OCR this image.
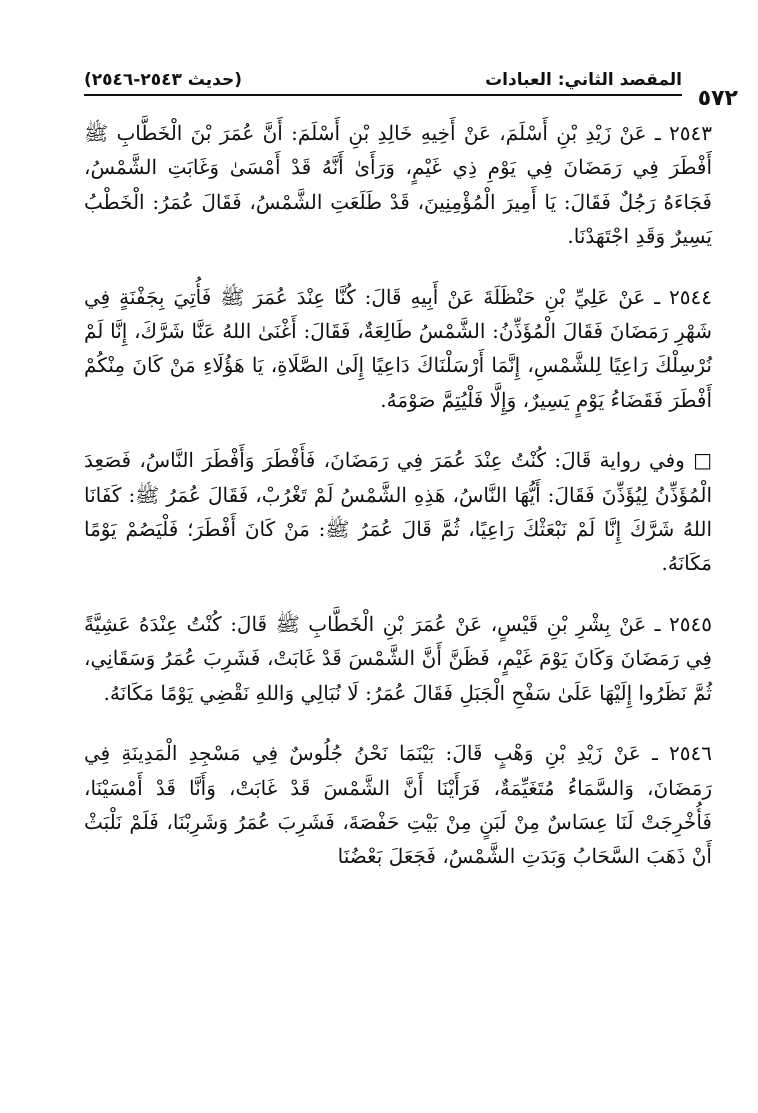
المقصد الثاني: العبادات
(حديث ٢٥٤٣-٢٥٤٦)
٥٧٢

٢٥٤٣ ـ عَنْ زَيْدِ بْنِ أَسْلَمَ، عَنْ أَخِيهِ خَالِدِ بْنِ أَسْلَمَ: أَنَّ عُمَرَ بْنَ الْخَطَّابِ ﷺ أَفْطَرَ فِي رَمَضَانَ فِي يَوْمِ ذِي غَيْمٍ، وَرَأَىٰ أَنَّهُ قَدْ أَمْسَىٰ وَغَابَتِ الشَّمْسُ، فَجَاءَهُ رَجُلٌ فَقَالَ: يَا أَمِيرَ الْمُؤْمِنِينَ، قَدْ طَلَعَتِ الشَّمْسُ، فَقَالَ عُمَرُ: الْخَطْبُ يَسِيرٌ وَقَدِ اجْتَهَدْنَا.

٢٥٤٤ ـ عَنْ عَلِيِّ بْنِ حَنْظَلَةَ عَنْ أَبِيهِ قَالَ: كُنَّا عِنْدَ عُمَرَ ﷺ فَأُتِيَ بِجَفْنَةٍ فِي شَهْرِ رَمَضَانَ فَقَالَ الْمُؤَذِّنُ: الشَّمْسُ طَالِعَةٌ، فَقَالَ: أَغْنَىٰ اللهُ عَنَّا شَرَّكَ، إِنَّا لَمْ نُرْسِلْكَ رَاعِيًا لِلشَّمْسِ، إِنَّمَا أَرْسَلْنَاكَ دَاعِيًا إِلَىٰ الصَّلَاةِ، يَا هَؤُلَاءِ مَنْ كَانَ مِنْكُمْ أَفْطَرَ فَقَضَاءُ يَوْمٍ يَسِيرٌ، وَإِلَّا فَلْيُتِمَّ صَوْمَهُ.

□ وفي رواية قَالَ: كُنْتُ عِنْدَ عُمَرَ فِي رَمَضَانَ، فَأَفْطَرَ وَأَفْطَرَ النَّاسُ، فَصَعِدَ الْمُؤَذِّنُ لِيُؤَذِّنَ فَقَالَ: أَيُّهَا النَّاسُ، هَذِهِ الشَّمْسُ لَمْ تَغْرُبْ، فَقَالَ عُمَرُ ﷺ: كَفَانَا اللهُ شَرَّكَ إِنَّا لَمْ نَبْعَثْكَ رَاعِيًا، ثُمَّ قَالَ عُمَرُ ﷺ: مَنْ كَانَ أَفْطَرَ؛ فَلْيَصُمْ يَوْمًا مَكَانَهُ.

٢٥٤٥ ـ عَنْ بِشْرِ بْنِ قَيْسٍ، عَنْ عُمَرَ بْنِ الْخَطَّابِ ﷺ قَالَ: كُنْتُ عِنْدَهُ عَشِيَّةً فِي رَمَضَانَ وَكَانَ يَوْمَ غَيْمٍ، فَظَنَّ أَنَّ الشَّمْسَ قَدْ غَابَتْ، فَشَرِبَ عُمَرُ وَسَقَانِي، ثُمَّ نَظَرُوا إِلَيْهَا عَلَىٰ سَفْحِ الْجَبَلِ فَقَالَ عُمَرُ: لَا نُبَالِي وَاللهِ نَقْضِي يَوْمًا مَكَانَهُ.

٢٥٤٦ ـ عَنْ زَيْدِ بْنِ وَهْبٍ قَالَ: بَيْنَمَا نَحْنُ جُلُوسٌ فِي مَسْجِدِ الْمَدِينَةِ فِي رَمَضَانَ، وَالسَّمَاءُ مُتَغَيِّمَةٌ، فَرَأَيْنَا أَنَّ الشَّمْسَ قَدْ غَابَتْ، وَأَنَّا قَدْ أَمْسَيْنَا، فَأُخْرِجَتْ لَنَا عِسَاسٌ مِنْ لَبَنٍ مِنْ بَيْتِ حَفْصَةَ، فَشَرِبَ عُمَرُ وَشَرِبْنَا، فَلَمْ نَلْبَثْ أَنْ ذَهَبَ السَّحَابُ وَبَدَتِ الشَّمْسُ، فَجَعَلَ بَعْضُنَا
